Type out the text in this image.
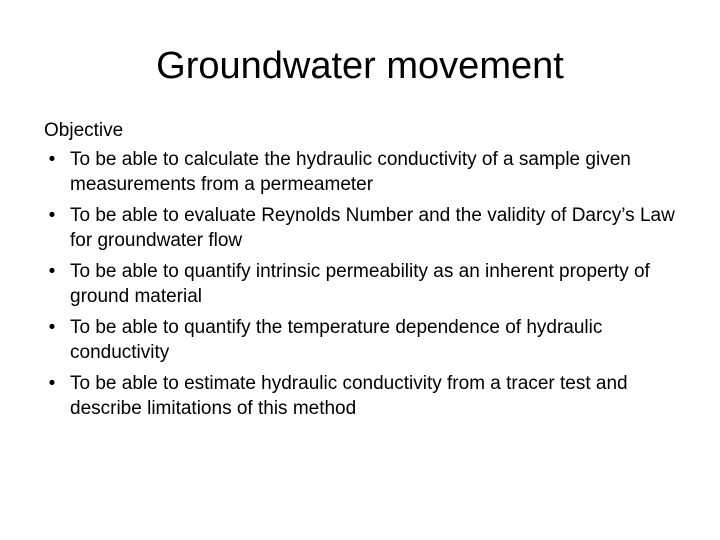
Groundwater movement
Objective
• To be able to calculate the hydraulic conductivity of a sample given measurements from a permeameter
• To be able to evaluate Reynolds Number and the validity of Darcy’s Law for groundwater flow
• To be able to quantify intrinsic permeability as an inherent property of ground material
• To be able to quantify the temperature dependence of hydraulic conductivity
• To be able to estimate hydraulic conductivity from a tracer test and describe limitations of this method
